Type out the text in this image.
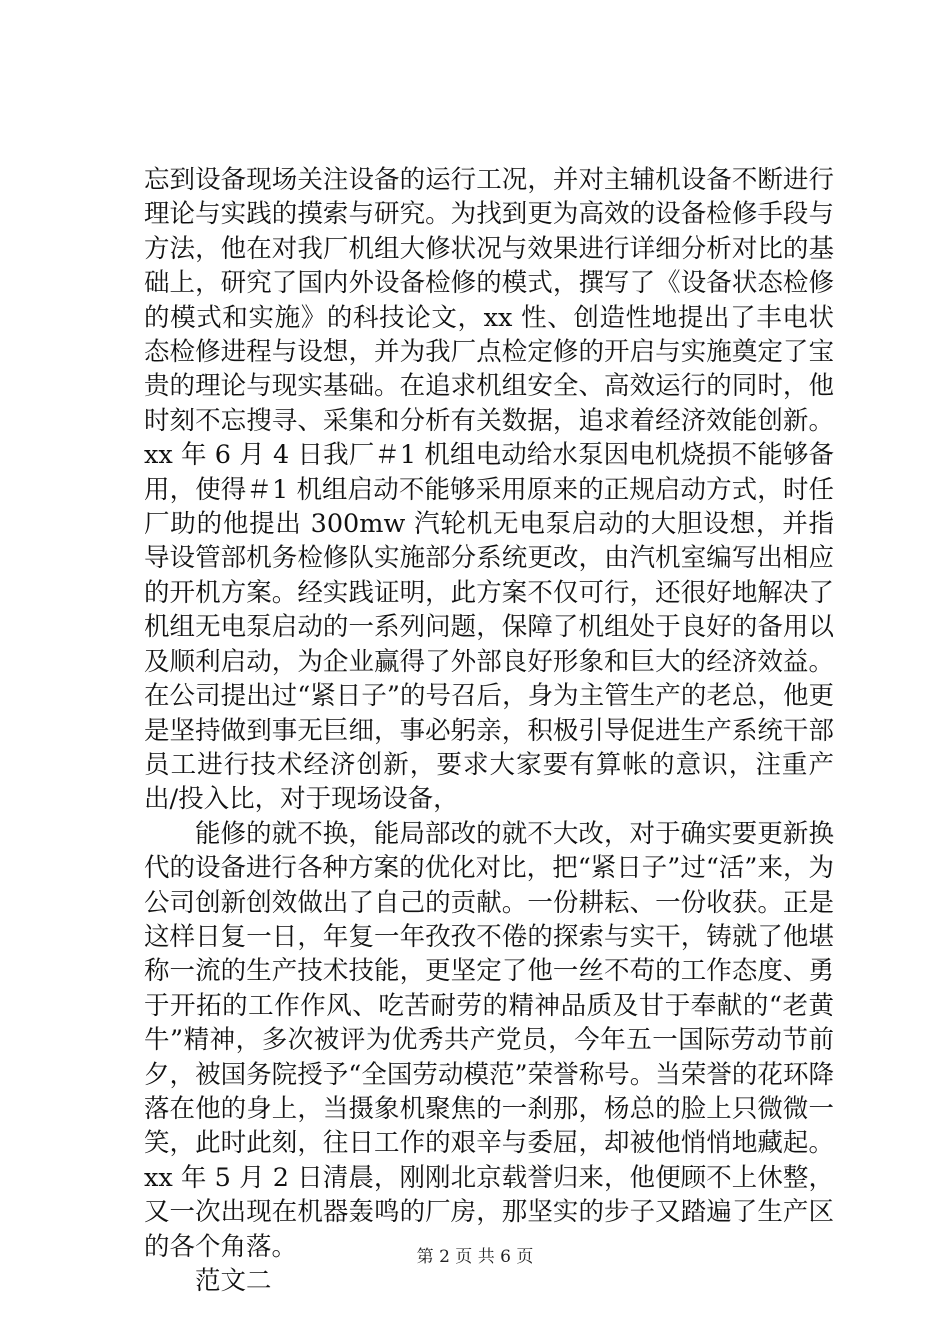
忘到设备现场关注设备的运行工况，并对主辅机设备不断进行理论与实践的摸索与研究。为找到更为高效的设备检修手段与方法，他在对我厂机组大修状况与效果进行详细分析对比的基础上，研究了国内外设备检修的模式，撰写了《设备状态检修的模式和实施》的科技论文，xx 性、创造性地提出了丰电状态检修进程与设想，并为我厂点检定修的开启与实施奠定了宝贵的理论与现实基础。在追求机组安全、高效运行的同时，他时刻不忘搜寻、采集和分析有关数据，追求着经济效能创新。xx 年 6 月 4 日我厂＃1 机组电动给水泵因电机烧损不能够备用，使得＃1 机组启动不能够采用原来的正规启动方式，时任厂助的他提出 300mw 汽轮机无电泵启动的大胆设想，并指导设管部机务检修队实施部分系统更改，由汽机室编写出相应的开机方案。经实践证明，此方案不仅可行，还很好地解决了机组无电泵启动的一系列问题，保障了机组处于良好的备用以及顺利启动，为企业赢得了外部良好形象和巨大的经济效益。在公司提出过“紧日子”的号召后，身为主管生产的老总，他更是坚持做到事无巨细，事必躬亲，积极引导促进生产系统干部员工进行技术经济创新，要求大家要有算帐的意识，注重产出/投入比，对于现场设备，

能修的就不换，能局部改的就不大改，对于确实要更新换代的设备进行各种方案的优化对比，把“紧日子”过“活”来，为公司创新创效做出了自己的贡献。一份耕耘、一份收获。正是这样日复一日，年复一年孜孜不倦的探索与实干，铸就了他堪称一流的生产技术技能，更坚定了他一丝不苟的工作态度、勇于开拓的工作作风、吃苦耐劳的精神品质及甘于奉献的“老黄牛”精神，多次被评为优秀共产党员，今年五一国际劳动节前夕，被国务院授予“全国劳动模范”荣誉称号。当荣誉的花环降落在他的身上，当摄象机聚焦的一刹那，杨总的脸上只微微一笑，此时此刻，往日工作的艰辛与委屈，却被他悄悄地藏起。xx 年 5 月 2 日清晨，刚刚北京载誉归来，他便顾不上休整，又一次出现在机器轰鸣的厂房，那坚实的步子又踏遍了生产区的各个角落。

范文二

第 2 页 共 6 页
